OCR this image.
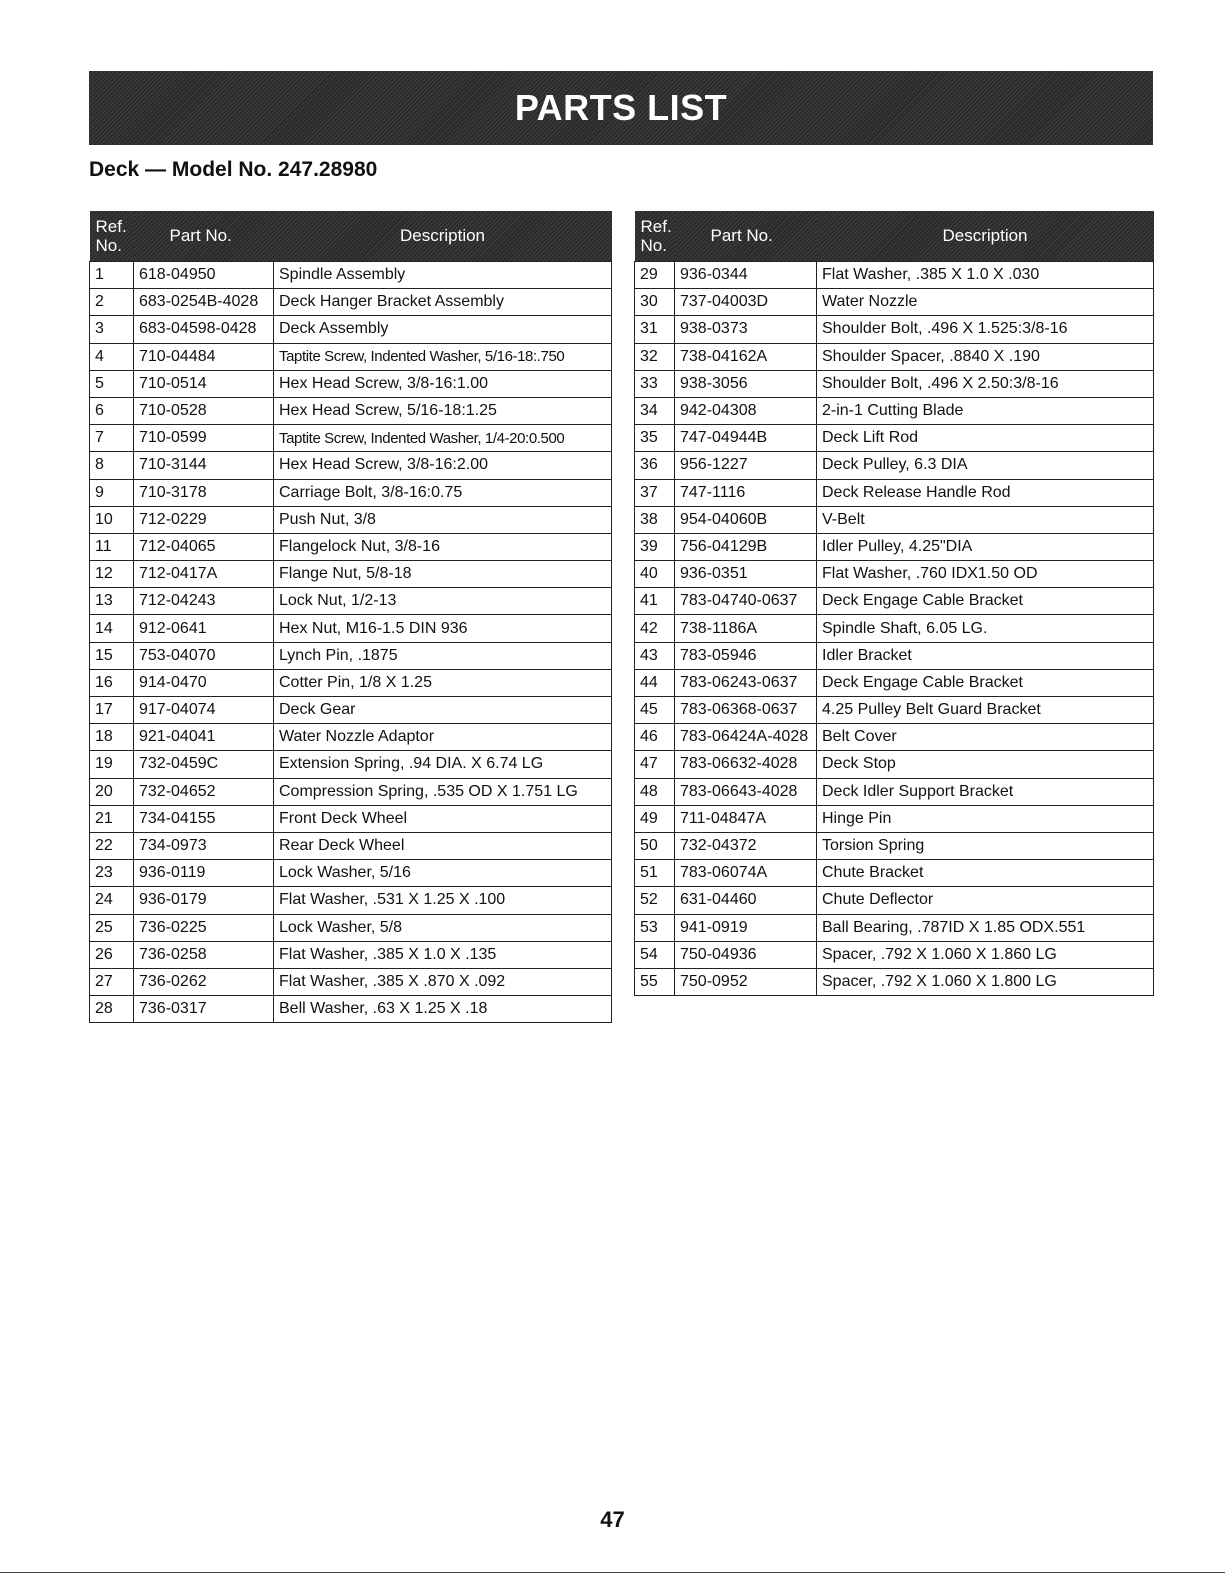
PARTS LIST
Deck — Model No. 247.28980
Ref.
No.	Part No.	Description
1	618-04950	Spindle Assembly
2	683-0254B-4028	Deck Hanger Bracket Assembly
3	683-04598-0428	Deck Assembly
4	710-04484	Taptite Screw, Indented Washer, 5/16-18:.750
5	710-0514	Hex Head Screw, 3/8-16:1.00
6	710-0528	Hex Head Screw, 5/16-18:1.25
7	710-0599	Taptite Screw, Indented Washer, 1/4-20:0.500
8	710-3144	Hex Head Screw, 3/8-16:2.00
9	710-3178	Carriage Bolt, 3/8-16:0.75
10	712-0229	Push Nut, 3/8
11	712-04065	Flangelock Nut, 3/8-16
12	712-0417A	Flange Nut, 5/8-18
13	712-04243	Lock Nut, 1/2-13
14	912-0641	Hex Nut, M16-1.5 DIN 936
15	753-04070	Lynch Pin, .1875
16	914-0470	Cotter Pin, 1/8 X 1.25
17	917-04074	Deck Gear
18	921-04041	Water Nozzle Adaptor
19	732-0459C	Extension Spring, .94 DIA. X 6.74 LG
20	732-04652	Compression Spring, .535 OD X 1.751 LG
21	734-04155	Front Deck Wheel
22	734-0973	Rear Deck Wheel
23	936-0119	Lock Washer, 5/16
24	936-0179	Flat Washer, .531 X 1.25 X .100
25	736-0225	Lock Washer, 5/8
26	736-0258	Flat Washer, .385 X 1.0 X .135
27	736-0262	Flat Washer, .385 X .870 X .092
28	736-0317	Bell Washer, .63 X 1.25 X .18
Ref.
No.	Part No.	Description
29	936-0344	Flat Washer, .385 X 1.0 X .030
30	737-04003D	Water Nozzle
31	938-0373	Shoulder Bolt, .496 X 1.525:3/8-16
32	738-04162A	Shoulder Spacer, .8840 X .190
33	938-3056	Shoulder Bolt, .496 X 2.50:3/8-16
34	942-04308	2-in-1 Cutting Blade
35	747-04944B	Deck Lift Rod
36	956-1227	Deck Pulley, 6.3 DIA
37	747-1116	Deck Release Handle Rod
38	954-04060B	V-Belt
39	756-04129B	Idler Pulley, 4.25"DIA
40	936-0351	Flat Washer, .760 IDX1.50 OD
41	783-04740-0637	Deck Engage Cable Bracket
42	738-1186A	Spindle Shaft, 6.05 LG.
43	783-05946	Idler Bracket
44	783-06243-0637	Deck Engage Cable Bracket
45	783-06368-0637	4.25 Pulley Belt Guard Bracket
46	783-06424A-4028	Belt Cover
47	783-06632-4028	Deck Stop
48	783-06643-4028	Deck Idler Support Bracket
49	711-04847A	Hinge Pin
50	732-04372	Torsion Spring
51	783-06074A	Chute Bracket
52	631-04460	Chute Deflector
53	941-0919	Ball Bearing, .787ID X 1.85 ODX.551
54	750-04936	Spacer, .792 X 1.060 X 1.860 LG
55	750-0952	Spacer, .792 X 1.060 X 1.800 LG
47
